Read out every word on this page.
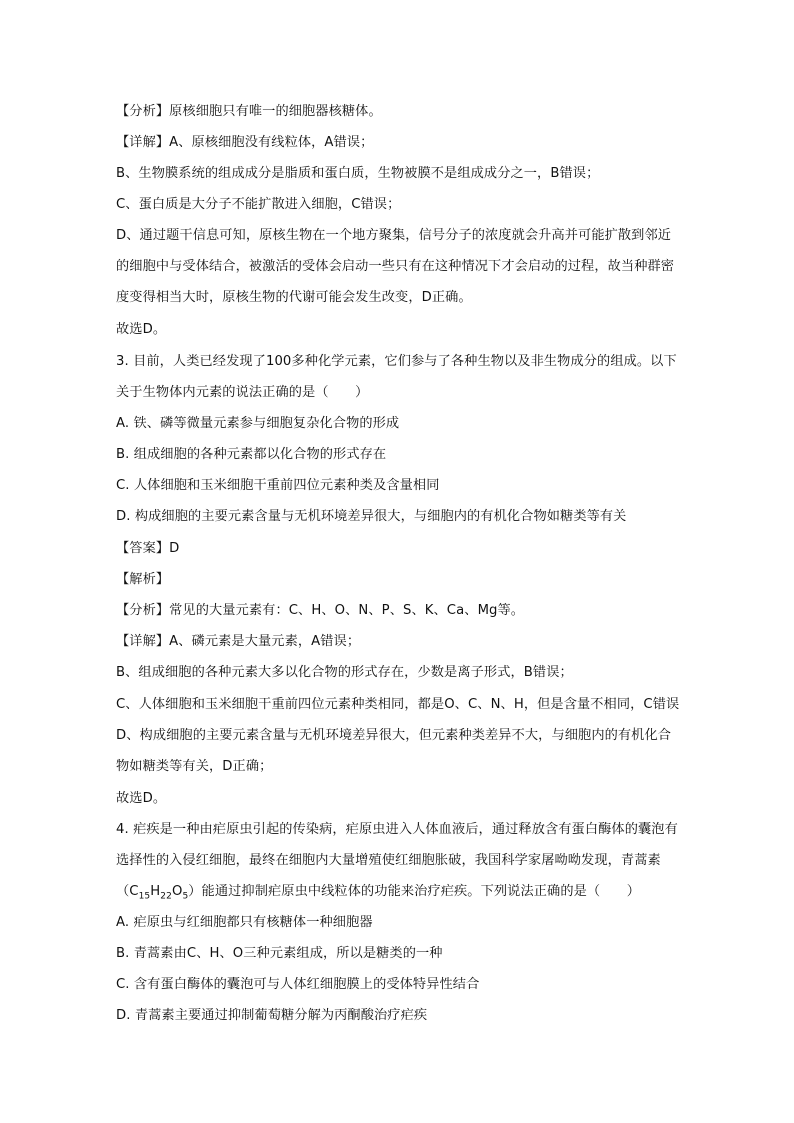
【分析】原核细胞只有唯一的细胞器核糖体。

【详解】A、原核细胞没有线粒体，A错误；

B、生物膜系统的组成成分是脂质和蛋白质，生物被膜不是组成成分之一，B错误；

C、蛋白质是大分子不能扩散进入细胞，C错误；

D、通过题干信息可知，原核生物在一个地方聚集，信号分子的浓度就会升高并可能扩散到邻近

的细胞中与受体结合，被激活的受体会启动一些只有在这种情况下才会启动的过程，故当种群密

度变得相当大时，原核生物的代谢可能会发生改变，D正确。

故选D。

3. 目前，人类已经发现了100多种化学元素，它们参与了各种生物以及非生物成分的组成。以下

关于生物体内元素的说法正确的是（　　）

A. 铁、磷等微量元素参与细胞复杂化合物的形成

B. 组成细胞的各种元素都以化合物的形式存在

C. 人体细胞和玉米细胞干重前四位元素种类及含量相同

D. 构成细胞的主要元素含量与无机环境差异很大，与细胞内的有机化合物如糖类等有关

【答案】D

【解析】

【分析】常见的大量元素有：C、H、O、N、P、S、K、Ca、Mg等。

【详解】A、磷元素是大量元素，A错误；

B、组成细胞的各种元素大多以化合物的形式存在，少数是离子形式，B错误；

C、人体细胞和玉米细胞干重前四位元素种类相同，都是O、C、N、H，但是含量不相同，C错误

D、构成细胞的主要元素含量与无机环境差异很大，但元素种类差异不大，与细胞内的有机化合

物如糖类等有关，D正确；

故选D。

4. 疟疾是一种由疟原虫引起的传染病，疟原虫进入人体血液后，通过释放含有蛋白酶体的囊泡有

选择性的入侵红细胞，最终在细胞内大量增殖使红细胞胀破，我国科学家屠呦呦发现，青蒿素

$(C_{15}H_{22}O_5)$能通过抑制疟原虫中线粒体的功能来治疗疟疾。下列说法正确的是（　　）

A. 疟原虫与红细胞都只有核糖体一种细胞器

B. 青蒿素由C、H、O三种元素组成，所以是糖类的一种

C. 含有蛋白酶体的囊泡可与人体红细胞膜上的受体特异性结合

D. 青蒿素主要通过抑制葡萄糖分解为丙酮酸治疗疟疾
